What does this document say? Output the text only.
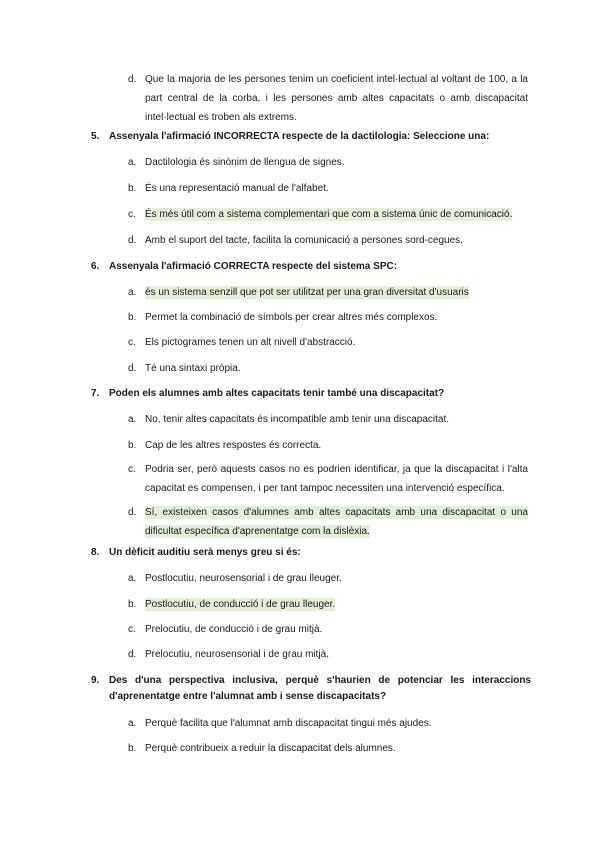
d. Que la majoria de les persones tenim un coeficient intel·lectual al voltant de 100, a la part central de la corba, i les persones amb altes capacitats o amb discapacitat intel·lectual es troben als extrems.
5. Assenyala l'afirmació INCORRECTA respecte de la dactilologia: Seleccione una:
a. Dactilologia és sinònim de llengua de signes.
b. És una representació manual de l'alfabet.
c. És més útil com a sistema complementari que com a sistema únic de comunicació.
d. Amb el suport del tacte, facilita la comunicació a persones sord-cegues.
6. Assenyala l'afirmació CORRECTA respecte del sistema SPC:
a. és un sistema senzill que pot ser utilitzat per una gran diversitat d'usuaris
b. Permet la combinació de símbols per crear altres més complexos.
c. Els pictogrames tenen un alt nivell d'abstracció.
d. Té una sintaxi pròpia.
7. Poden els alumnes amb altes capacitats tenir també una discapacitat?
a. No, tenir altes capacitats és incompatible amb tenir una discapacitat.
b. Cap de les altres respostes és correcta.
c. Podria ser, però aquests casos no es podrien identificar, ja que la discapacitat i l'alta capacitat es compensen, i per tant tampoc necessiten una intervenció específica.
d. Sí, existeixen casos d'alumnes amb altes capacitats amb una discapacitat o una dificultat específica d'aprenentatge com la dislèxia.
8. Un dèficit auditiu serà menys greu si és:
a. Postlocutiu, neurosensorial i de grau lleuger.
b. Postlocutiu, de conducció i de grau lleuger.
c. Prelocutiu, de conducció i de grau mitjà.
d. Prelocutiu, neurosensorial i de grau mitjà.
9. Des d'una perspectiva inclusiva, perquè s'haurien de potenciar les interaccions d'aprenentatge entre l'alumnat amb i sense discapacitats?
a. Perquè facilita que l'alumnat amb discapacitat tingui més ajudes.
b. Perquè contribueix a reduir la discapacitat dels alumnes.
